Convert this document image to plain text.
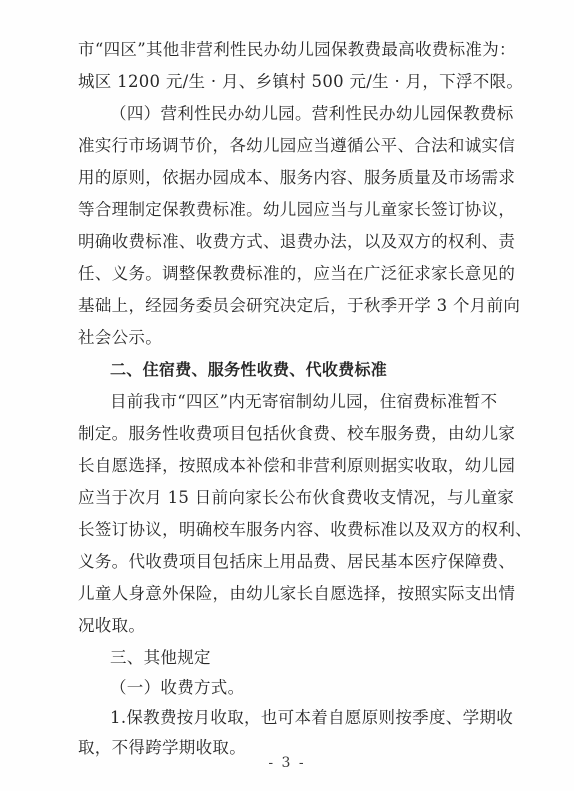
市 “ 四 区 ” 其 他 非 营 利 性 民 办 幼 儿 园 保 教 费 最 高 收 费 标 准 为 ：
城区 1200 元/生 · 月、乡镇村 500 元/生 · 月，下浮不限。
（ 四 ） 营 利 性 民 办 幼 儿 园 。 营 利 性 民 办 幼 儿 园 保 教 费 标
准 实 行 市 场 调 节 价 ， 各 幼 儿 园 应 当 遵 循 公 平 、 合 法 和 诚 实 信
用 的 原 则 ， 依 据 办 园 成 本 、 服 务 内 容 、 服 务 质 量 及 市 场 需 求
等 合 理 制 定 保 教 费 标 准 。 幼 儿 园 应 当 与 儿 童 家 长 签 订 协 议 ，
明 确 收 费 标 准 、 收 费 方 式 、 退 费 办 法 ， 以 及 双 方 的 权 利 、 责
任 、 义 务 。 调 整 保 教 费 标 准 的 ， 应 当 在 广 泛 征 求 家 长 意 见 的
基 础 上 ， 经 园 务 委 员 会 研 究 决 定 后 ， 于 秋 季 开 学
3
个 月 前 向
社会公示。
二、住宿费、服务性收费、代收费标准
目 前 我 市 “ 四 区 ” 内 无 寄 宿 制 幼 儿 园 ， 住 宿 费 标 准 暂 不
制 定 。 服 务 性 收 费 项 目 包 括 伙 食 费 、 校 车 服 务 费 ， 由 幼 儿 家
长 自 愿 选 择 ， 按 照 成 本 补 偿 和 非 营 利 原 则 据 实 收 取 ， 幼 儿 园
应 当 于 次 月
1 5
日 前 向 家 长 公 布 伙 食 费 收 支 情 况 ， 与 儿 童 家
长 签 订 协 议 ， 明 确 校 车 服 务 内 容 、 收 费 标 准 以 及 双 方 的 权 利 、
义 务 。 代 收 费 项 目 包 括 床 上 用 品 费 、 居 民 基 本 医 疗 保 障 费 、
儿 童 人 身 意 外 保 险 ， 由 幼 儿 家 长 自 愿 选 择 ， 按 照 实 际 支 出 情
况收取。
三、其他规定
（一）收费方式。
1 . 保 教 费 按 月 收 取 ， 也 可 本 着 自 愿 原 则 按 季 度 、 学 期 收
取，不得跨学期收取。
- 3 -
